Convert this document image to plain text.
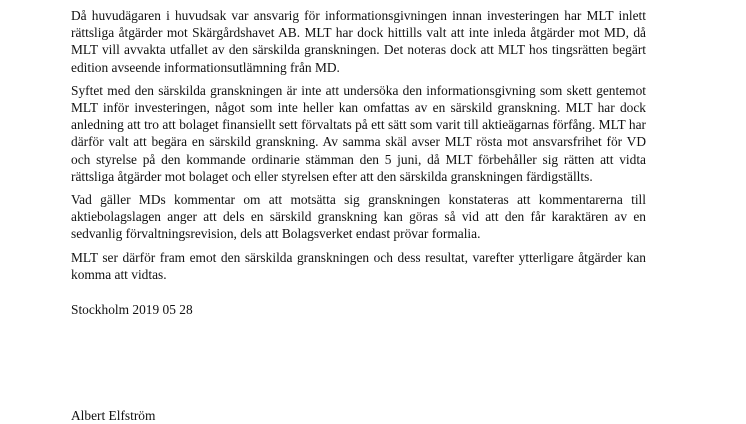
Då huvudägaren i huvudsak var ansvarig för informationsgivningen innan investeringen har MLT inlett rättsliga åtgärder mot Skärgårdshavet AB. MLT har dock hittills valt att inte inleda åtgärder mot MD, då MLT vill avvakta utfallet av den särskilda granskningen. Det noteras dock att MLT hos tingsrätten begärt edition avseende informationsutlämning från MD.

Syftet med den särskilda granskningen är inte att undersöka den informationsgivning som skett gentemot MLT inför investeringen, något som inte heller kan omfattas av en särskild granskning. MLT har dock anledning att tro att bolaget finansiellt sett förvaltats på ett sätt som varit till aktieägarnas förfång. MLT har därför valt att begära en särskild granskning. Av samma skäl avser MLT rösta mot ansvarsfrihet för VD och styrelse på den kommande ordinarie stämman den 5 juni, då MLT förbehåller sig rätten att vidta rättsliga åtgärder mot bolaget och eller styrelsen efter att den särskilda granskningen färdigställts.

Vad gäller MDs kommentar om att motsätta sig granskningen konstateras att kommentarerna till aktiebolagslagen anger att dels en särskild granskning kan göras så vid att den får karaktären av en sedvanlig förvaltningsrevision, dels att Bolagsverket endast prövar formalia.

MLT ser därför fram emot den särskilda granskningen och dess resultat, varefter ytterligare åtgärder kan komma att vidtas.

Stockholm 2019 05 28

Albert Elfström
